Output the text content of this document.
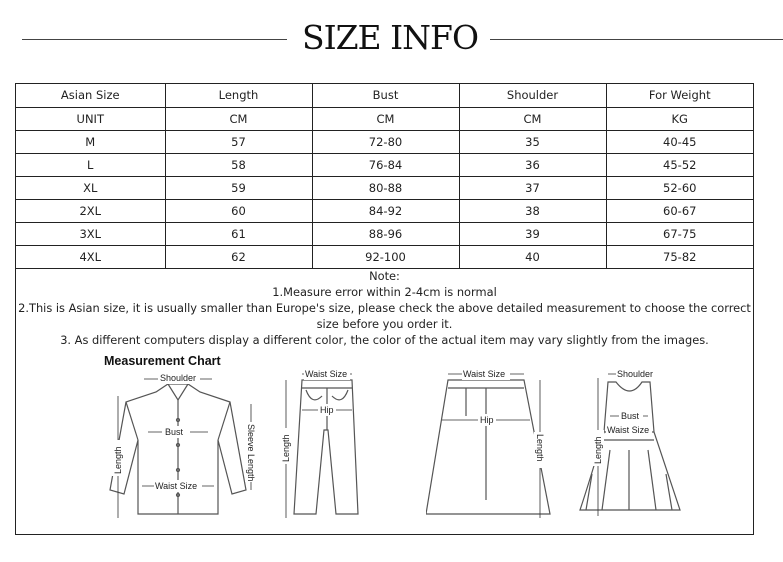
SIZE INFO
Asian Size	Length	Bust	Shoulder	For Weight
UNIT	CM	CM	CM	KG
M	57	72-80	35	40-45
L	58	76-84	36	45-52
XL	59	80-88	37	52-60
2XL	60	84-92	38	60-67
3XL	61	88-96	39	67-75
4XL	62	92-100	40	75-82
Note:
1.Measure error within 2-4cm is normal
2.This is Asian size, it is usually smaller than Europe's size, please check the above detailed measurement to choose the correct size before you order it.
3. As different computers display a different color, the color of the actual item may vary slightly from the images.
Measurement Chart
Shoulder
Bust
Waist Size
Length	Sleeve Length
Waist Size
Hip
Length
Waist Size
Hip
Length
Shoulder
Bust
Waist Size
Length
